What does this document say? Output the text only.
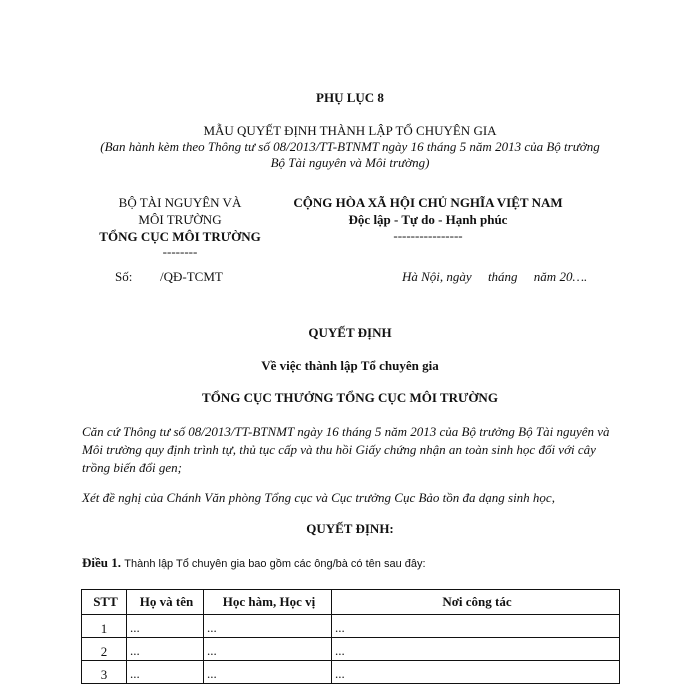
PHỤ LỤC 8
MẪU QUYẾT ĐỊNH THÀNH LẬP TỔ CHUYÊN GIA
(Ban hành kèm theo Thông tư số 08/2013/TT-BTNMT ngày 16 tháng 5 năm 2013 của Bộ trưởng
Bộ Tài nguyên và Môi trường)
BỘ TÀI NGUYÊN VÀ
MÔI TRƯỜNG
TỔNG CỤC MÔI TRƯỜNG
--------
CỘNG HÒA XÃ HỘI CHỦ NGHĨA VIỆT NAM
Độc lập - Tự do - Hạnh phúc
----------------
Số: /QĐ-TCMT	Hà Nội, ngày     tháng     năm 20….
QUYẾT ĐỊNH
Về việc thành lập Tổ chuyên gia
TỔNG CỤC THƯỞNG TỔNG CỤC MÔI TRƯỜNG
Căn cứ Thông tư số 08/2013/TT-BTNMT ngày 16 tháng 5 năm 2013 của Bộ trưởng Bộ Tài nguyên và Môi trường quy định trình tự, thủ tục cấp và thu hồi Giấy chứng nhận an toàn sinh học đối với cây trồng biến đổi gen;
Xét đề nghị của Chánh Văn phòng Tổng cục và Cục trưởng Cục Bảo tồn đa dạng sinh học,
QUYẾT ĐỊNH:
Điều 1. Thành lập Tổ chuyên gia bao gồm các ông/bà có tên sau đây:
STT	Họ và tên	Học hàm, Học vị	Nơi công tác
1	...	...	...
2	...	...	...
3	...	...	...
